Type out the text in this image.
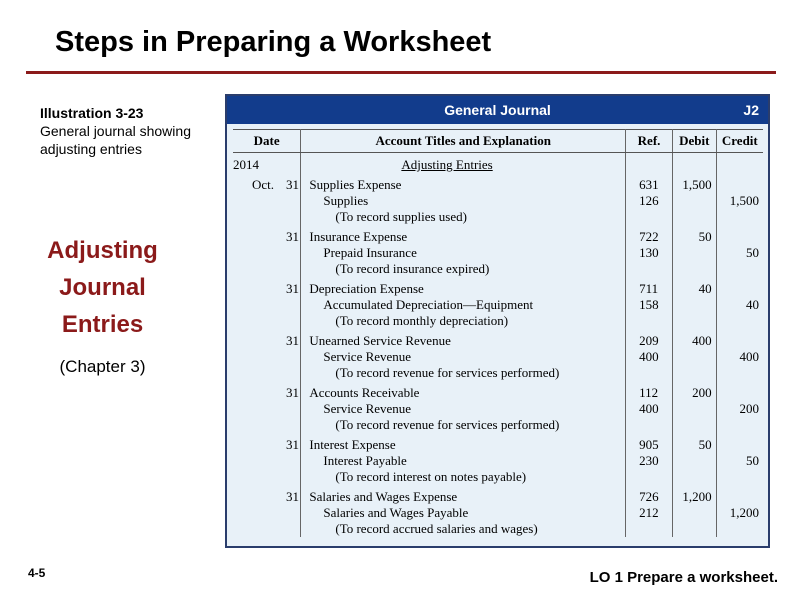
Steps in Preparing a Worksheet
Illustration 3-23
General journal showing adjusting entries
Adjusting
Journal
Entries
(Chapter 3)
General Journal	J2
Date	Account Titles and Explanation	Ref.	Debit	Credit

2014	Adjusting Entries			

Oct. 31	Supplies Expense	631	1,500	
	Supplies	126		1,500
	(To record supplies used)			

31	Insurance Expense	722	50	
	Prepaid Insurance	130		50
	(To record insurance expired)			

31	Depreciation Expense	711	40	
	Accumulated Depreciation—Equipment	158		40
	(To record monthly depreciation)			

31	Unearned Service Revenue	209	400	
	Service Revenue	400		400
	(To record revenue for services performed)			

31	Accounts Receivable	112	200	
	Service Revenue	400		200
	(To record revenue for services performed)			

31	Interest Expense	905	50	
	Interest Payable	230		50
	(To record interest on notes payable)			

31	Salaries and Wages Expense	726	1,200	
	Salaries and Wages Payable	212		1,200
	(To record accrued salaries and wages)			
4-5	LO 1 Prepare a worksheet.
